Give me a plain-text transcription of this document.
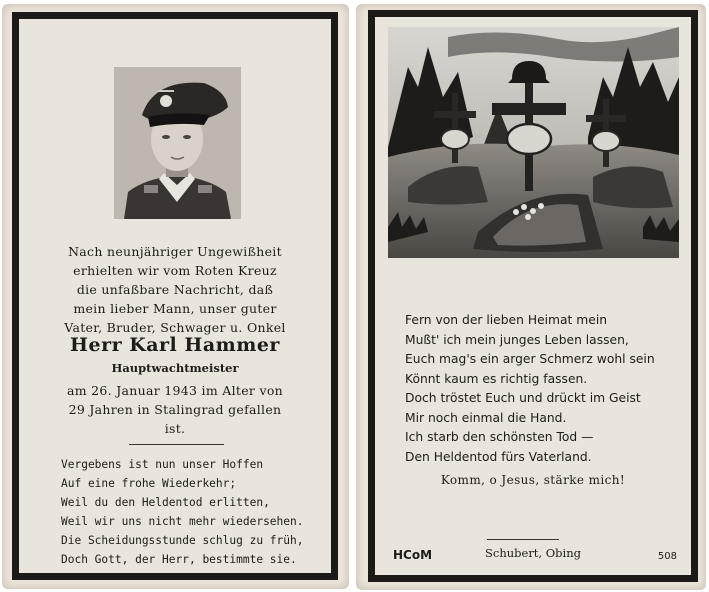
Nach neunjähriger Ungewißheit
erhielten wir vom Roten Kreuz
die unfaßbare Nachricht, daß
mein lieber Mann, unser guter
Vater, Bruder, Schwager u. Onkel
Herr Karl Hammer
Hauptwachtmeister
am 26. Januar 1943 im Alter von
29 Jahren in Stalingrad gefallen
ist.
Vergebens ist nun unser Hoffen
Auf eine frohe Wiederkehr;
Weil du den Heldentod erlitten,
Weil wir uns nicht mehr wiedersehen.
Die Scheidungsstunde schlug zu früh,
Doch Gott, der Herr, bestimmte sie.
Fern von der lieben Heimat mein
Mußt' ich mein junges Leben lassen,
Euch mag's ein arger Schmerz wohl sein
Könnt kaum es richtig fassen.
Doch tröstet Euch und drückt im Geist
Mir noch einmal die Hand.
Ich starb den schönsten Tod —
Den Heldentod fürs Vaterland.
Komm, o Jesus, stärke mich!
HCoM	Schubert, Obing	508
